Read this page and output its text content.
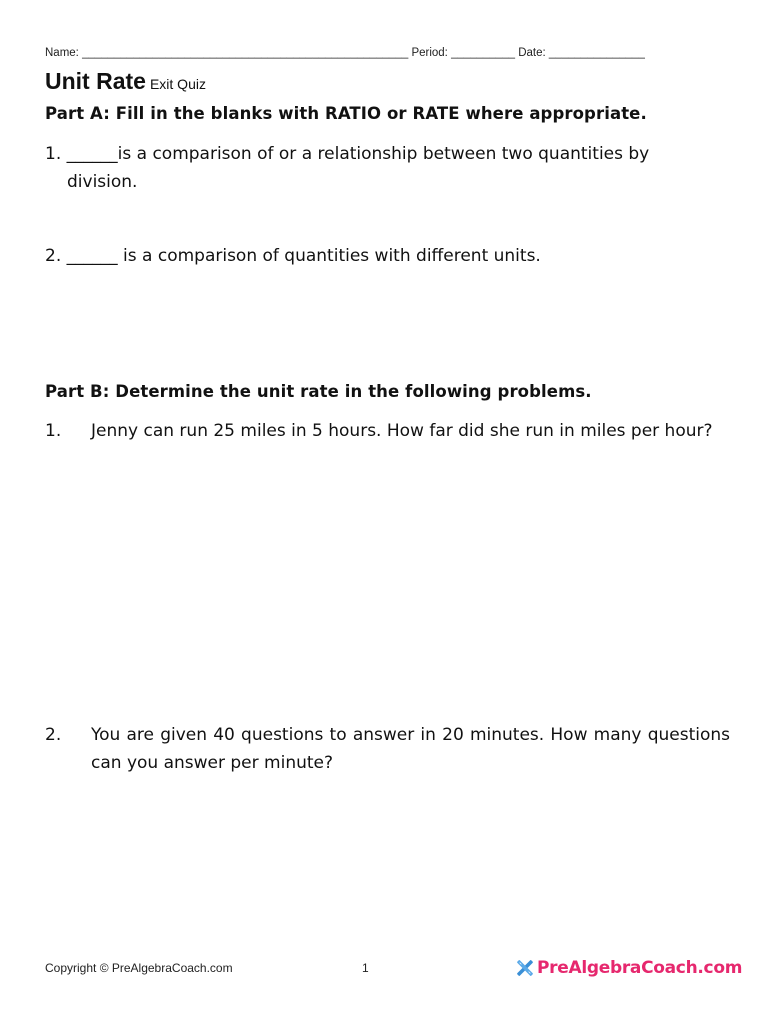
Name: ___________________________________________________ Period: __________ Date: _______________
Unit Rate Exit Quiz
Part A: Fill in the blanks with RATIO or RATE where appropriate.
1. ______is a comparison of or a relationship between two quantities by
division.
2. ______ is a comparison of quantities with different units.
Part B: Determine the unit rate in the following problems.
1. Jenny can run 25 miles in 5 hours. How far did she run in miles per hour?
2. You are given 40 questions to answer in 20 minutes. How many questions can you answer per minute?
Copyright © PreAlgebraCoach.com	1	PreAlgebraCoach.com
